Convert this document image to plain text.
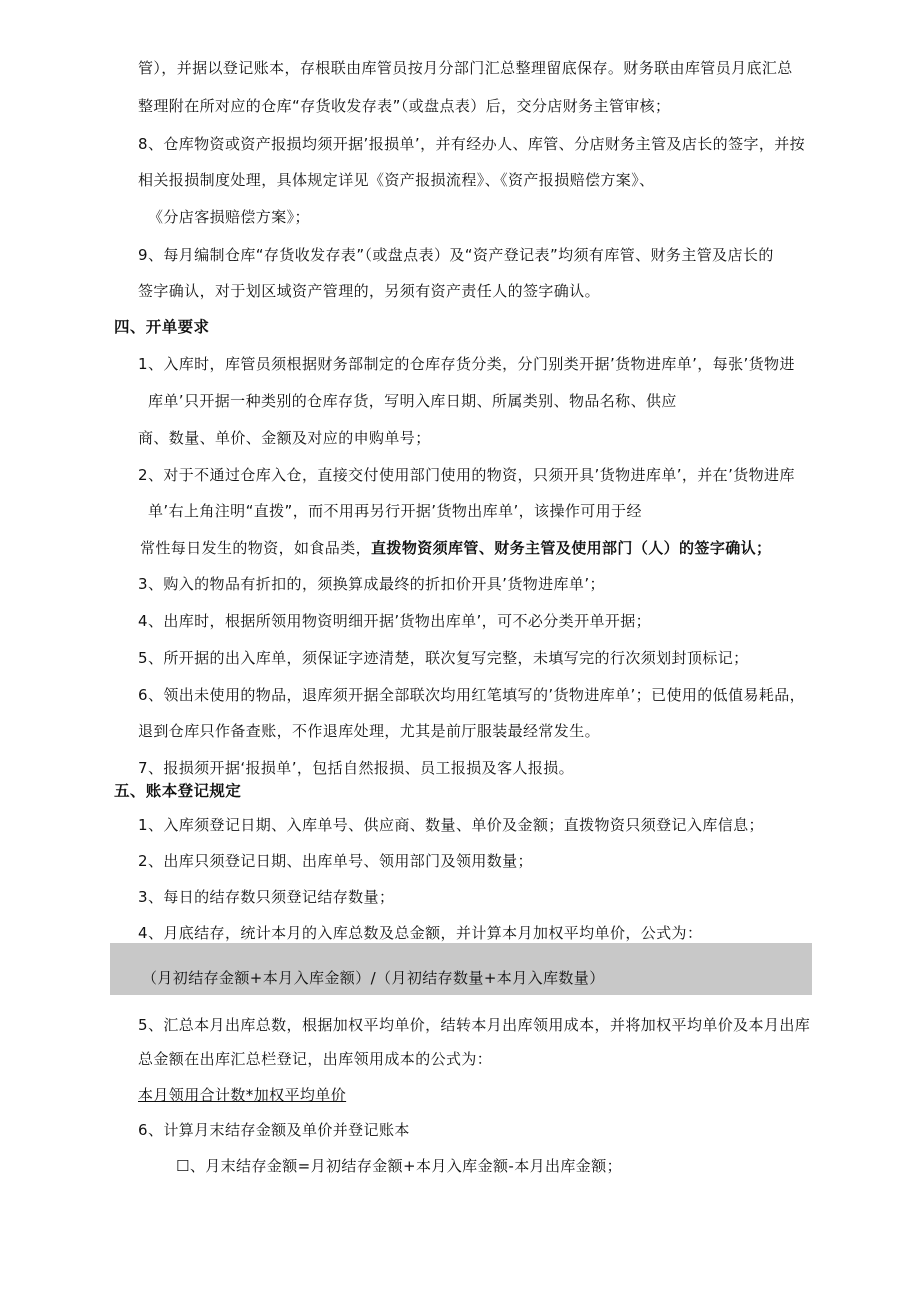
管），并据以登记账本，存根联由库管员按月分部门汇总整理留底保存。财务联由库管员月底汇总
整理附在所对应的仓库“存货收发存表”（或盘点表）后，交分店财务主管审核；
8、仓库物资或资产报损均须开据’报损单’，并有经办人、库管、分店财务主管及店长的签字，并按
相关报损制度处理，具体规定详见《资产报损流程》、《资产报损赔偿方案》、
《分店客损赔偿方案》；
9、每月编制仓库“存货收发存表”（或盘点表）及“资产登记表”均须有库管、财务主管及店长的
签字确认，对于划区域资产管理的，另须有资产责任人的签字确认。
四、开单要求
1、入库时，库管员须根据财务部制定的仓库存货分类，分门别类开据’货物进库单’，每张’货物进
库单’只开据一种类别的仓库存货，写明入库日期、所属类别、物品名称、供应
商、数量、单价、金额及对应的申购单号；
2、对于不通过仓库入仓，直接交付使用部门使用的物资，只须开具’货物进库单’，并在’货物进库
单’右上角注明“直拨”，而不用再另行开据’货物出库单’，该操作可用于经
常性每日发生的物资，如食品类，直拨物资须库管、财务主管及使用部门（人）的签字确认；
3、购入的物品有折扣的，须换算成最终的折扣价开具’货物进库单’；
4、出库时，根据所领用物资明细开据’货物出库单’，可不必分类开单开据；
5、所开据的出入库单，须保证字迹清楚，联次复写完整，未填写完的行次须划封顶标记；
6、领出未使用的物品，退库须开据全部联次均用红笔填写的’货物进库单’；已使用的低值易耗品，
退到仓库只作备查账，不作退库处理，尤其是前厅服装最经常发生。
7、报损须开据‘报损单’，包括自然报损、员工报损及客人报损。
五、账本登记规定
1、入库须登记日期、入库单号、供应商、数量、单价及金额；直拨物资只须登记入库信息；
2、出库只须登记日期、出库单号、领用部门及领用数量；
3、每日的结存数只须登记结存数量；
4、月底结存，统计本月的入库总数及总金额，并计算本月加权平均单价，公式为：
（月初结存金额+本月入库金额）/（月初结存数量+本月入库数量）
5、汇总本月出库总数，根据加权平均单价，结转本月出库领用成本，并将加权平均单价及本月出库
总金额在出库汇总栏登记，出库领用成本的公式为：
本月领用合计数*加权平均单价
6、计算月末结存金额及单价并登记账本
☐、月末结存金额=月初结存金额+本月入库金额-本月出库金额；
